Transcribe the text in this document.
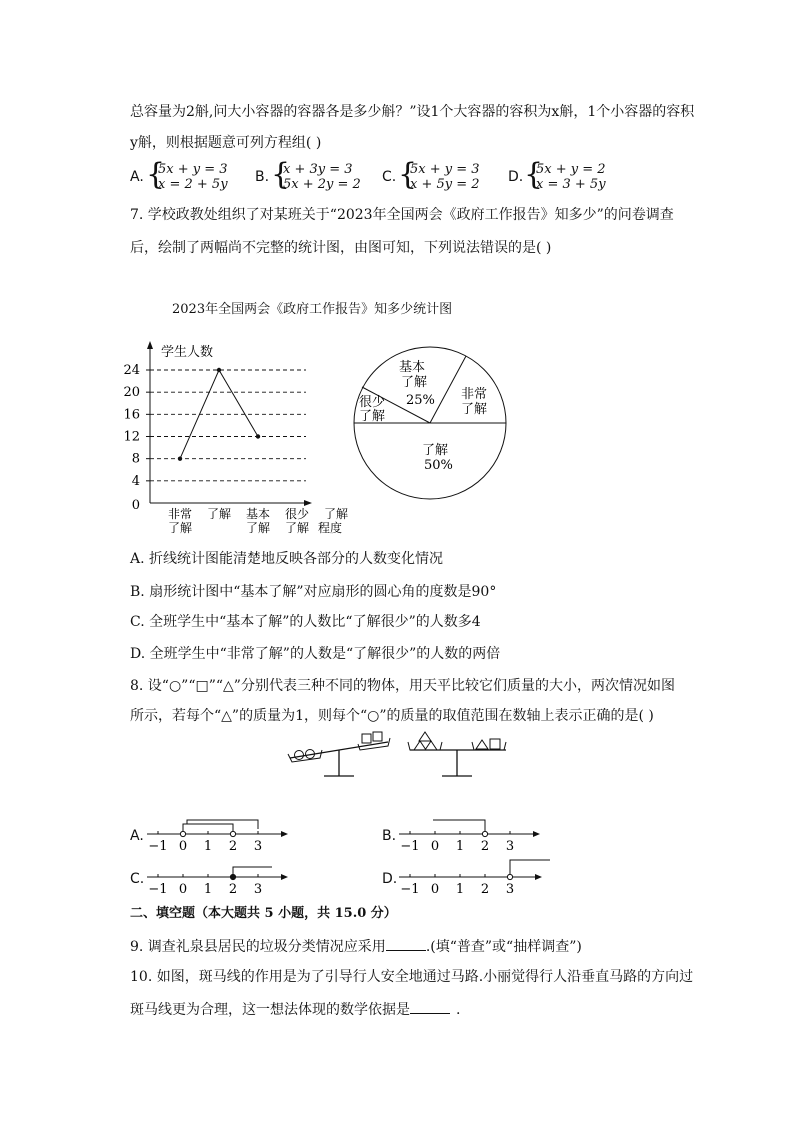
总容量为2斛,问大小容器的容器各是多少斛？”设1个大容器的容积为x斛，1个小容器的容积
y斛，则根据题意可列方程组( )
A. {
5x + y = 3
x = 2 + 5y B. {
x + 3y = 3
5x + 2y = 2 C. {
5x + y = 3
x + 5y = 2 D. {
5x + y = 2
x = 3 + 5y
7. 学校政教处组织了对某班关于“2023年全国两会《政府工作报告》知多少”的问卷调查
后，绘制了两幅尚不完整的统计图，由图可知，下列说法错误的是( )
2023年全国两会《政府工作报告》知多少统计图
学生人数
0
4
8
12
16
20
24
非常
了解
了解 基本
了解
很少
了解
了解
程度
基本
了解
25% 非常
了解
很少
了解
了解
50%
A. 折线统计图能清楚地反映各部分的人数变化情况
B. 扇形统计图中“基本了解”对应扇形的圆心角的度数是90°
C. 全班学生中“基本了解”的人数比“了解很少”的人数多4
D. 全班学生中“非常了解”的人数是“了解很少”的人数的两倍
8. 设“○”“□”“△”分别代表三种不同的物体，用天平比较它们质量的大小，两次情况如图
所示，若每个“△”的质量为1，则每个“○”的质量的取值范围在数轴上表示正确的是( )
A.
−1 0 1 2 3
B.
−1 0 1 2 3
C.
−1 0 1 2 3
D.
−1 0 1 2 3
二、填空题（本大题共 5 小题，共 15.0 分）
9. 调查礼泉县居民的垃圾分类情况应采用	.(填“普查”或“抽样调查”)
10. 如图，斑马线的作用是为了引导行人安全地通过马路.小丽觉得行人沿垂直马路的方向过
斑马线更为合理，这一想法体现的数学依据是	.
